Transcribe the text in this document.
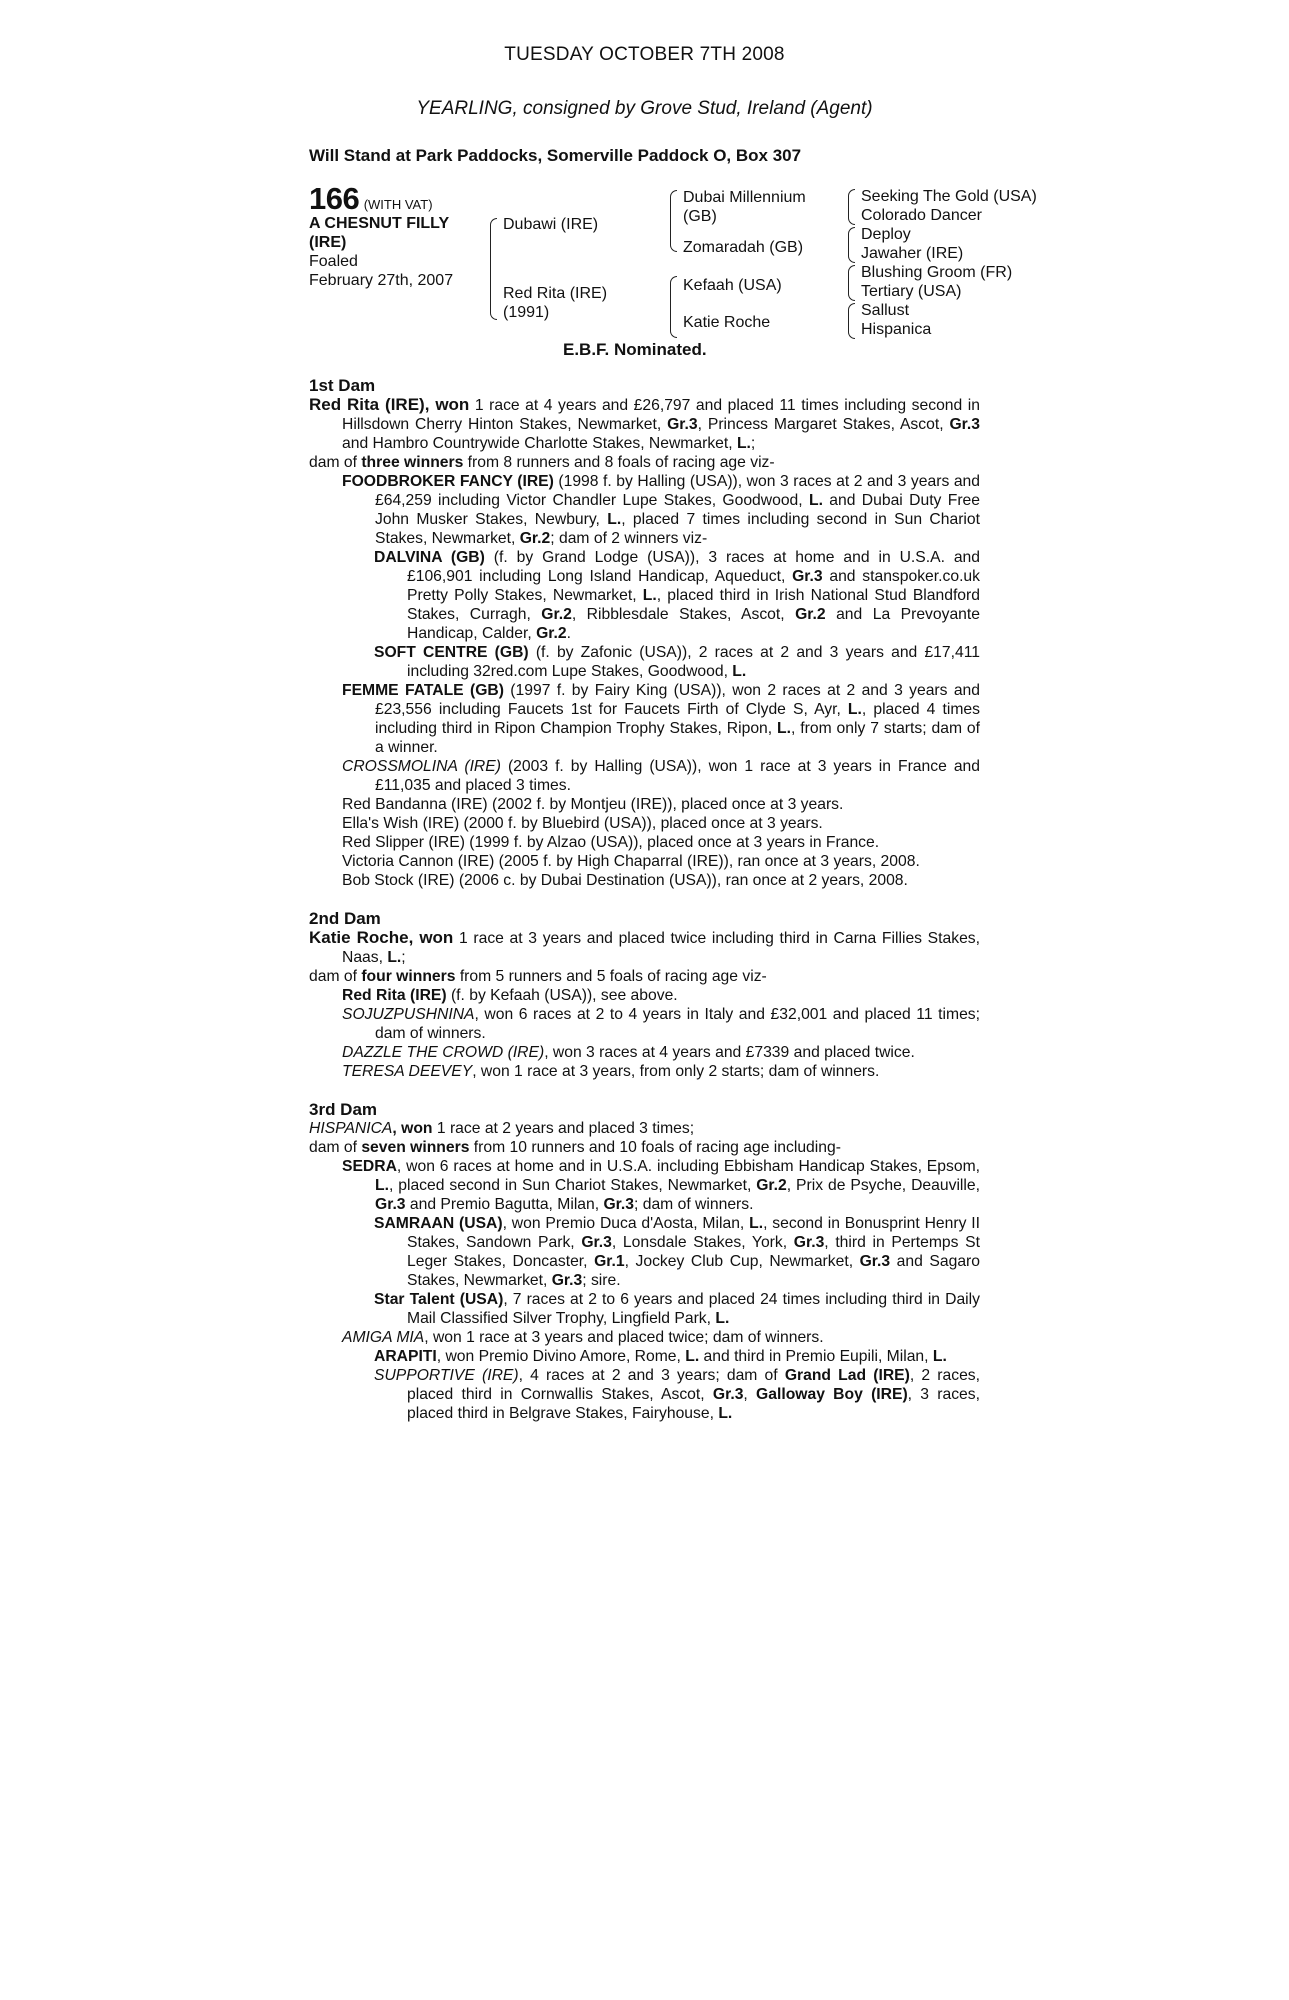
TUESDAY OCTOBER 7TH 2008
YEARLING, consigned by Grove Stud, Ireland (Agent)
Will Stand at Park Paddocks, Somerville Paddock O, Box 307
166 (WITH VAT)
A CHESNUT FILLY
(IRE)
Foaled
February 27th, 2007
Dubawi (IRE)
Red Rita (IRE)
(1991)
Dubai Millennium
(GB)
Zomaradah (GB)
Kefaah (USA)
Katie Roche
Seeking The Gold (USA)
Colorado Dancer
Deploy
Jawaher (IRE)
Blushing Groom (FR)
Tertiary (USA)
Sallust
Hispanica
E.B.F. Nominated.

1st Dam

Red Rita (IRE), won 1 race at 4 years and £26,797 and placed 11 times including second in Hillsdown Cherry Hinton Stakes, Newmarket, Gr.3, Princess Margaret Stakes, Ascot, Gr.3 and Hambro Countrywide Charlotte Stakes, Newmarket, L.;

dam of three winners from 8 runners and 8 foals of racing age viz-

FOODBROKER FANCY (IRE) (1998 f. by Halling (USA)), won 3 races at 2 and 3 years and £64,259 including Victor Chandler Lupe Stakes, Goodwood, L. and Dubai Duty Free John Musker Stakes, Newbury, L., placed 7 times including second in Sun Chariot Stakes, Newmarket, Gr.2; dam of 2 winners viz-

DALVINA (GB) (f. by Grand Lodge (USA)), 3 races at home and in U.S.A. and £106,901 including Long Island Handicap, Aqueduct, Gr.3 and stanspoker.co.uk Pretty Polly Stakes, Newmarket, L., placed third in Irish National Stud Blandford Stakes, Curragh, Gr.2, Ribblesdale Stakes, Ascot, Gr.2 and La Prevoyante Handicap, Calder, Gr.2.

SOFT CENTRE (GB) (f. by Zafonic (USA)), 2 races at 2 and 3 years and £17,411 including 32red.com Lupe Stakes, Goodwood, L.

FEMME FATALE (GB) (1997 f. by Fairy King (USA)), won 2 races at 2 and 3 years and £23,556 including Faucets 1st for Faucets Firth of Clyde S, Ayr, L., placed 4 times including third in Ripon Champion Trophy Stakes, Ripon, L., from only 7 starts; dam of a winner.

CROSSMOLINA (IRE) (2003 f. by Halling (USA)), won 1 race at 3 years in France and £11,035 and placed 3 times.

Red Bandanna (IRE) (2002 f. by Montjeu (IRE)), placed once at 3 years.

Ella's Wish (IRE) (2000 f. by Bluebird (USA)), placed once at 3 years.

Red Slipper (IRE) (1999 f. by Alzao (USA)), placed once at 3 years in France.

Victoria Cannon (IRE) (2005 f. by High Chaparral (IRE)), ran once at 3 years, 2008.

Bob Stock (IRE) (2006 c. by Dubai Destination (USA)), ran once at 2 years, 2008.

2nd Dam

Katie Roche, won 1 race at 3 years and placed twice including third in Carna Fillies Stakes, Naas, L.;

dam of four winners from 5 runners and 5 foals of racing age viz-

Red Rita (IRE) (f. by Kefaah (USA)), see above.

SOJUZPUSHNINA, won 6 races at 2 to 4 years in Italy and £32,001 and placed 11 times; dam of winners.

DAZZLE THE CROWD (IRE), won 3 races at 4 years and £7339 and placed twice.

TERESA DEEVEY, won 1 race at 3 years, from only 2 starts; dam of winners.

3rd Dam

HISPANICA, won 1 race at 2 years and placed 3 times;

dam of seven winners from 10 runners and 10 foals of racing age including-

SEDRA, won 6 races at home and in U.S.A. including Ebbisham Handicap Stakes, Epsom, L., placed second in Sun Chariot Stakes, Newmarket, Gr.2, Prix de Psyche, Deauville, Gr.3 and Premio Bagutta, Milan, Gr.3; dam of winners.

SAMRAAN (USA), won Premio Duca d'Aosta, Milan, L., second in Bonusprint Henry II Stakes, Sandown Park, Gr.3, Lonsdale Stakes, York, Gr.3, third in Pertemps St Leger Stakes, Doncaster, Gr.1, Jockey Club Cup, Newmarket, Gr.3 and Sagaro Stakes, Newmarket, Gr.3; sire.

Star Talent (USA), 7 races at 2 to 6 years and placed 24 times including third in Daily Mail Classified Silver Trophy, Lingfield Park, L.

AMIGA MIA, won 1 race at 3 years and placed twice; dam of winners.

ARAPITI, won Premio Divino Amore, Rome, L. and third in Premio Eupili, Milan, L.

SUPPORTIVE (IRE), 4 races at 2 and 3 years; dam of Grand Lad (IRE), 2 races, placed third in Cornwallis Stakes, Ascot, Gr.3, Galloway Boy (IRE), 3 races, placed third in Belgrave Stakes, Fairyhouse, L.
